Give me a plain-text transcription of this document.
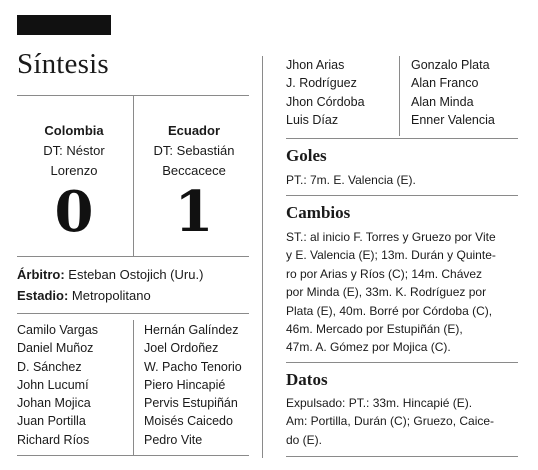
Síntesis
Colombia
DT: Néstor
Lorenzo
Ecuador
DT: Sebastián
Beccacece
0	1
Árbitro: Esteban Ostojich (Uru.)
Estadio: Metropolitano
Camilo Vargas
Daniel Muñoz
D. Sánchez
John Lucumí
Johan Mojica
Juan Portilla
Richard Ríos
Hernán Galíndez
Joel Ordoñez
W. Pacho Tenorio
Piero Hincapié
Pervis Estupiñán
Moisés Caicedo
Pedro Vite
Jhon Arias
J. Rodríguez
Jhon Córdoba
Luis Díaz
Gonzalo Plata
Alan Franco
Alan Minda
Enner Valencia
Goles
PT.: 7m. E. Valencia (E).
Cambios
ST.: al inicio F. Torres y Gruezo por Vite
y E. Valencia (E); 13m. Durán y Quinte-
ro por Arias y Ríos (C); 14m. Chávez
por Minda (E), 33m. K. Rodríguez por
Plata (E), 40m. Borré por Córdoba (C),
46m. Mercado por Estupiñán (E),
47m. A. Gómez por Mojica (C).
Datos
Expulsado: PT.: 33m. Hincapié (E).
Am: Portilla, Durán (C); Gruezo, Caice-
do (E).
